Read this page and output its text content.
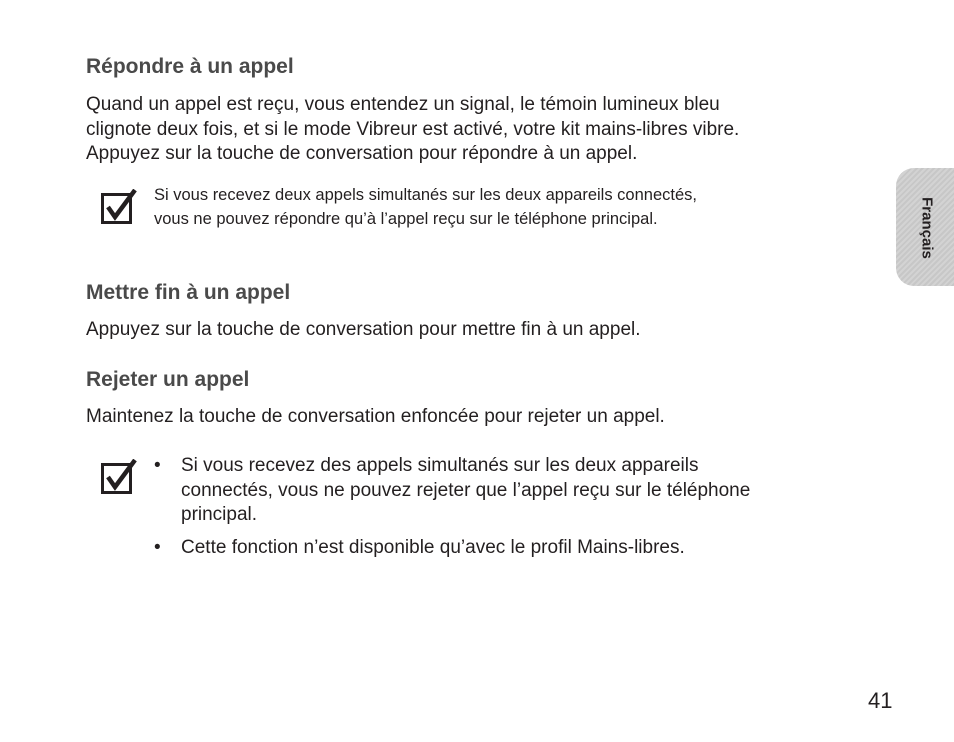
Répondre à un appel

Quand un appel est reçu, vous entendez un signal, le témoin lumineux bleu
clignote deux fois, et si le mode Vibreur est activé, votre kit mains-libres vibre.
Appuyez sur la touche de conversation pour répondre à un appel.

Si vous recevez deux appels simultanés sur les deux appareils connectés,
vous ne pouvez répondre qu’à l’appel reçu sur le téléphone principal.

Mettre fin à un appel

Appuyez sur la touche de conversation pour mettre fin à un appel.

Rejeter un appel

Maintenez la touche de conversation enfoncée pour rejeter un appel.

• Si vous recevez des appels simultanés sur les deux appareils
connectés, vous ne pouvez rejeter que l’appel reçu sur le téléphone
principal.
• Cette fonction n’est disponible qu’avec le profil Mains-libres.
Français
41
